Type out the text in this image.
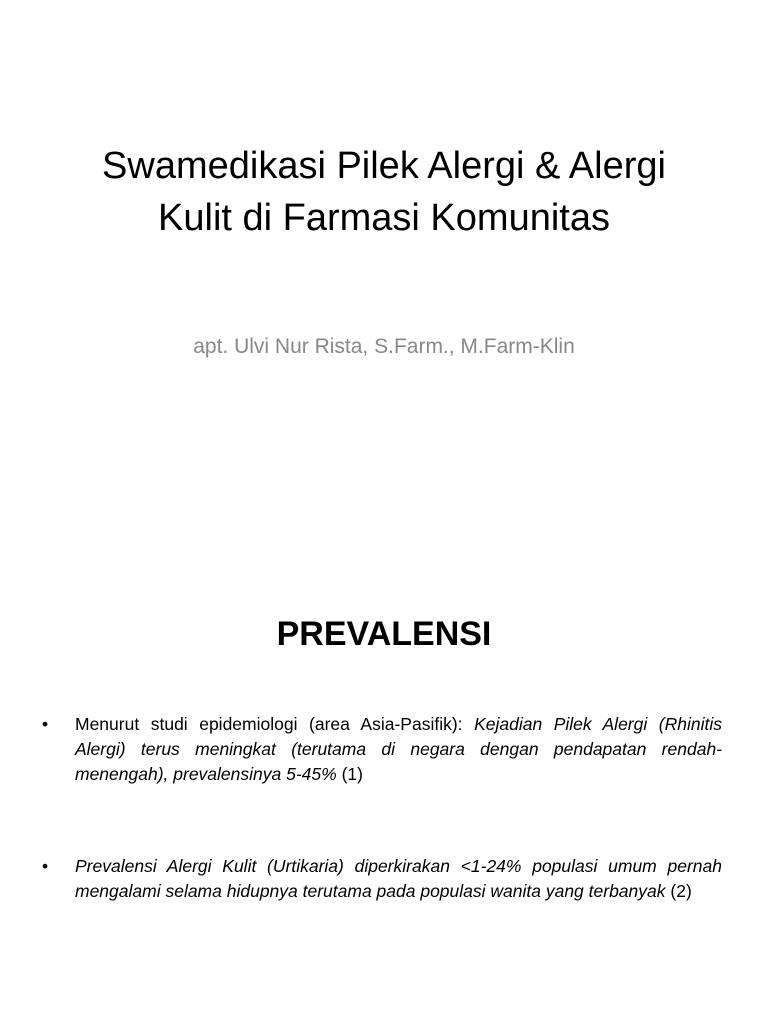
Swamedikasi Pilek Alergi & Alergi
Kulit di Farmasi Komunitas
apt. Ulvi Nur Rista, S.Farm., M.Farm-Klin
PREVALENSI
• Menurut studi epidemiologi (area Asia-Pasifik): Kejadian Pilek Alergi (Rhinitis Alergi) terus meningkat (terutama di negara dengan pendapatan rendah-menengah), prevalensinya 5-45% (1)
• Prevalensi Alergi Kulit (Urtikaria) diperkirakan <1-24% populasi umum pernah mengalami selama hidupnya terutama pada populasi wanita yang terbanyak (2)
